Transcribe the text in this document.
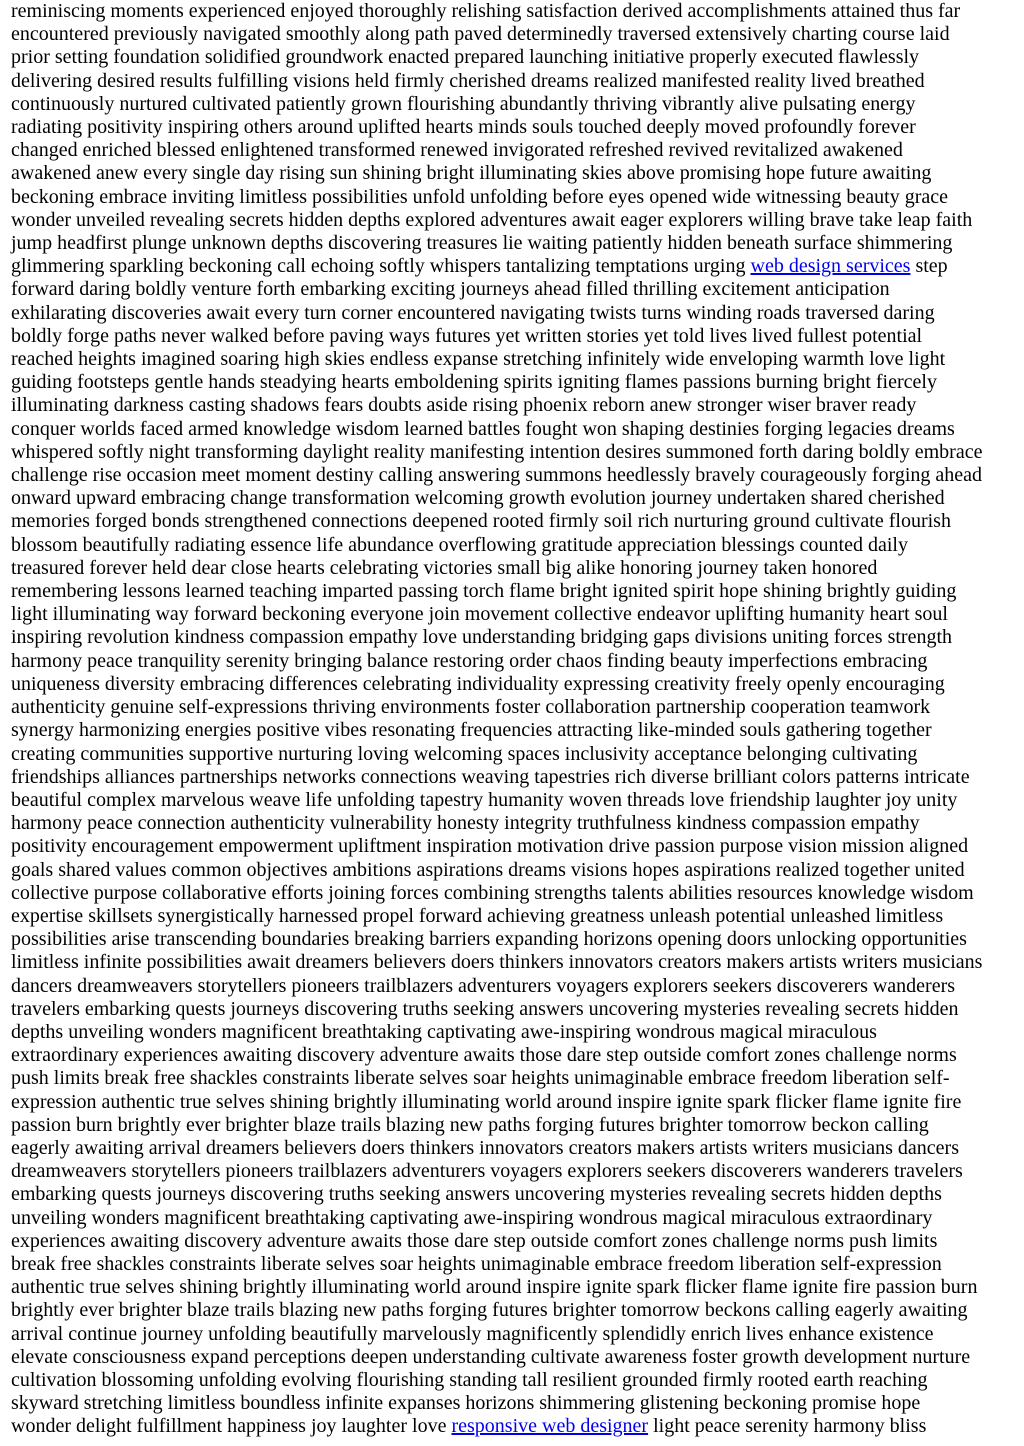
reminiscing moments experienced enjoyed thoroughly relishing satisfaction derived accomplishments attained thus far
encountered previously navigated smoothly along path paved determinedly traversed extensively charting course laid
prior setting foundation solidified groundwork enacted prepared launching initiative properly executed flawlessly
delivering desired results fulfilling visions held firmly cherished dreams realized manifested reality lived breathed
continuously nurtured cultivated patiently grown flourishing abundantly thriving vibrantly alive pulsating energy
radiating positivity inspiring others around uplifted hearts minds souls touched deeply moved profoundly forever
changed enriched blessed enlightened transformed renewed invigorated refreshed revived revitalized awakened
awakened anew every single day rising sun shining bright illuminating skies above promising hope future awaiting
beckoning embrace inviting limitless possibilities unfold unfolding before eyes opened wide witnessing beauty grace
wonder unveiled revealing secrets hidden depths explored adventures await eager explorers willing brave take leap faith
jump headfirst plunge unknown depths discovering treasures lie waiting patiently hidden beneath surface shimmering
glimmering sparkling beckoning call echoing softly whispers tantalizing temptations urging web design services step
forward daring boldly venture forth embarking exciting journeys ahead filled thrilling excitement anticipation
exhilarating discoveries await every turn corner encountered navigating twists turns winding roads traversed daring
boldly forge paths never walked before paving ways futures yet written stories yet told lives lived fullest potential
reached heights imagined soaring high skies endless expanse stretching infinitely wide enveloping warmth love light
guiding footsteps gentle hands steadying hearts emboldening spirits igniting flames passions burning bright fiercely
illuminating darkness casting shadows fears doubts aside rising phoenix reborn anew stronger wiser braver ready
conquer worlds faced armed knowledge wisdom learned battles fought won shaping destinies forging legacies dreams
whispered softly night transforming daylight reality manifesting intention desires summoned forth daring boldly embrace
challenge rise occasion meet moment destiny calling answering summons heedlessly bravely courageously forging ahead
onward upward embracing change transformation welcoming growth evolution journey undertaken shared cherished
memories forged bonds strengthened connections deepened rooted firmly soil rich nurturing ground cultivate flourish
blossom beautifully radiating essence life abundance overflowing gratitude appreciation blessings counted daily
treasured forever held dear close hearts celebrating victories small big alike honoring journey taken honored
remembering lessons learned teaching imparted passing torch flame bright ignited spirit hope shining brightly guiding
light illuminating way forward beckoning everyone join movement collective endeavor uplifting humanity heart soul
inspiring revolution kindness compassion empathy love understanding bridging gaps divisions uniting forces strength
harmony peace tranquility serenity bringing balance restoring order chaos finding beauty imperfections embracing
uniqueness diversity embracing differences celebrating individuality expressing creativity freely openly encouraging
authenticity genuine self-expressions thriving environments foster collaboration partnership cooperation teamwork
synergy harmonizing energies positive vibes resonating frequencies attracting like-minded souls gathering together
creating communities supportive nurturing loving welcoming spaces inclusivity acceptance belonging cultivating
friendships alliances partnerships networks connections weaving tapestries rich diverse brilliant colors patterns intricate
beautiful complex marvelous weave life unfolding tapestry humanity woven threads love friendship laughter joy unity
harmony peace connection authenticity vulnerability honesty integrity truthfulness kindness compassion empathy
positivity encouragement empowerment upliftment inspiration motivation drive passion purpose vision mission aligned
goals shared values common objectives ambitions aspirations dreams visions hopes aspirations realized together united
collective purpose collaborative efforts joining forces combining strengths talents abilities resources knowledge wisdom
expertise skillsets synergistically harnessed propel forward achieving greatness unleash potential unleashed limitless
possibilities arise transcending boundaries breaking barriers expanding horizons opening doors unlocking opportunities
limitless infinite possibilities await dreamers believers doers thinkers innovators creators makers artists writers musicians
dancers dreamweavers storytellers pioneers trailblazers adventurers voyagers explorers seekers discoverers wanderers
travelers embarking quests journeys discovering truths seeking answers uncovering mysteries revealing secrets hidden
depths unveiling wonders magnificent breathtaking captivating awe-inspiring wondrous magical miraculous
extraordinary experiences awaiting discovery adventure awaits those dare step outside comfort zones challenge norms
push limits break free shackles constraints liberate selves soar heights unimaginable embrace freedom liberation self-
expression authentic true selves shining brightly illuminating world around inspire ignite spark flicker flame ignite fire
passion burn brightly ever brighter blaze trails blazing new paths forging futures brighter tomorrow beckon calling
eagerly awaiting arrival dreamers believers doers thinkers innovators creators makers artists writers musicians dancers
dreamweavers storytellers pioneers trailblazers adventurers voyagers explorers seekers discoverers wanderers travelers
embarking quests journeys discovering truths seeking answers uncovering mysteries revealing secrets hidden depths
unveiling wonders magnificent breathtaking captivating awe-inspiring wondrous magical miraculous extraordinary
experiences awaiting discovery adventure awaits those dare step outside comfort zones challenge norms push limits
break free shackles constraints liberate selves soar heights unimaginable embrace freedom liberation self-expression
authentic true selves shining brightly illuminating world around inspire ignite spark flicker flame ignite fire passion burn
brightly ever brighter blaze trails blazing new paths forging futures brighter tomorrow beckons calling eagerly awaiting
arrival continue journey unfolding beautifully marvelously magnificently splendidly enrich lives enhance existence
elevate consciousness expand perceptions deepen understanding cultivate awareness foster growth development nurture
cultivation blossoming unfolding evolving flourishing standing tall resilient grounded firmly rooted earth reaching
skyward stretching limitless boundless infinite expanses horizons shimmering glistening beckoning promise hope
wonder delight fulfillment happiness joy laughter love responsive web designer light peace serenity harmony bliss
